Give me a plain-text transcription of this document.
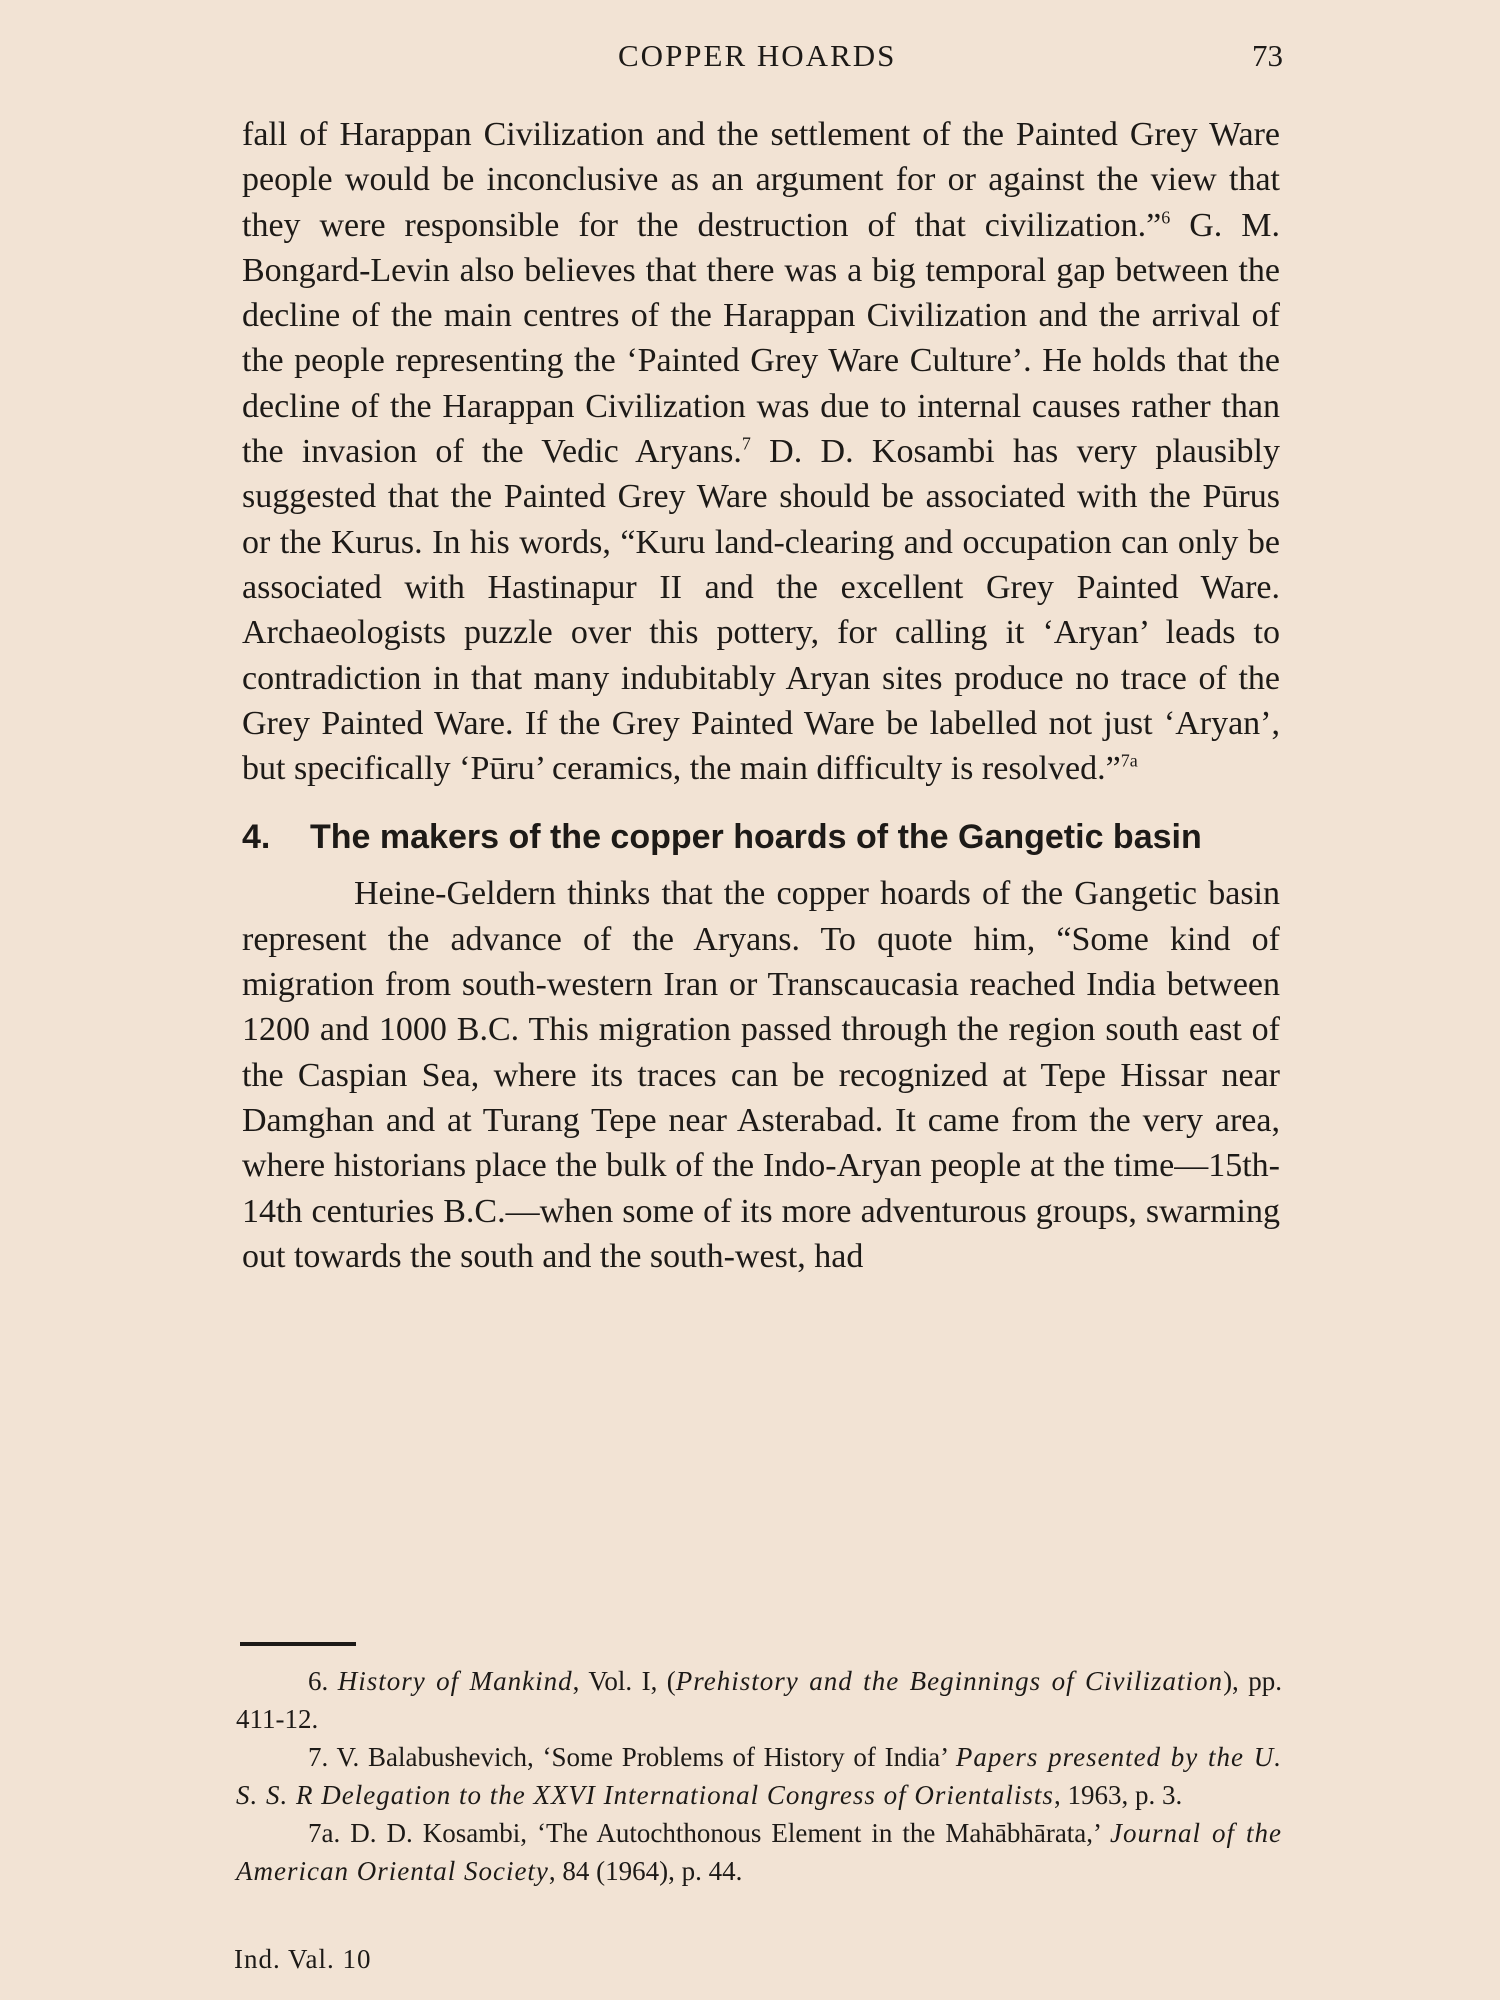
COPPER HOARDS	73

fall of Harappan Civilization and the settlement of the Painted Grey Ware people would be inconclusive as an argument for or against the view that they were responsible for the destruction of that civilization.”$^6$ G. M. Bongard-Levin also believes that there was a big temporal gap between the decline of the main centres of the Harappan Civilization and the arrival of the people representing the ‘Painted Grey Ware Culture’. He holds that the decline of the Harappan Civilization was due to internal causes rather than the invasion of the Vedic Aryans.$^7$ D. D. Kosambi has very plausibly suggested that the Painted Grey Ware should be associated with the Pūrus or the Kurus. In his words, “Kuru land-clearing and occupation can only be associated with Hastinapur II and the excellent Grey Painted Ware. Archaeologists puzzle over this pottery, for calling it ‘Aryan’ leads to contradiction in that many indubitably Aryan sites produce no trace of the Grey Painted Ware. If the Grey Painted Ware be labelled not just ‘Aryan’, but specifically ‘Pūru’ ceramics, the main difficulty is resolved.”$^{7a}$

4.	The makers of the copper hoards of the Gangetic basin

Heine-Geldern thinks that the copper hoards of the Gangetic basin represent the advance of the Aryans. To quote him, “Some kind of migration from south-western Iran or Transcaucasia reached India between 1200 and 1000 B.C. This migration passed through the region south east of the Caspian Sea, where its traces can be recognized at Tepe Hissar near Damghan and at Turang Tepe near Asterabad. It came from the very area, where historians place the bulk of the Indo-Aryan people at the time—15th-14th centuries B.C.—when some of its more adventurous groups, swarming out towards the south and the south-west, had

6. History of Mankind, Vol. I, (Prehistory and the Beginnings of Civilization), pp. 411-12.

7. V. Balabushevich, ‘Some Problems of History of India’ Papers presented by the U. S. S. R Delegation to the XXVI International Congress of Orientalists, 1963, p. 3.

7a. D. D. Kosambi, ‘The Autochthonous Element in the Mahābhārata,’ Journal of the American Oriental Society, 84 (1964), p. 44.

Ind. Val. 10
